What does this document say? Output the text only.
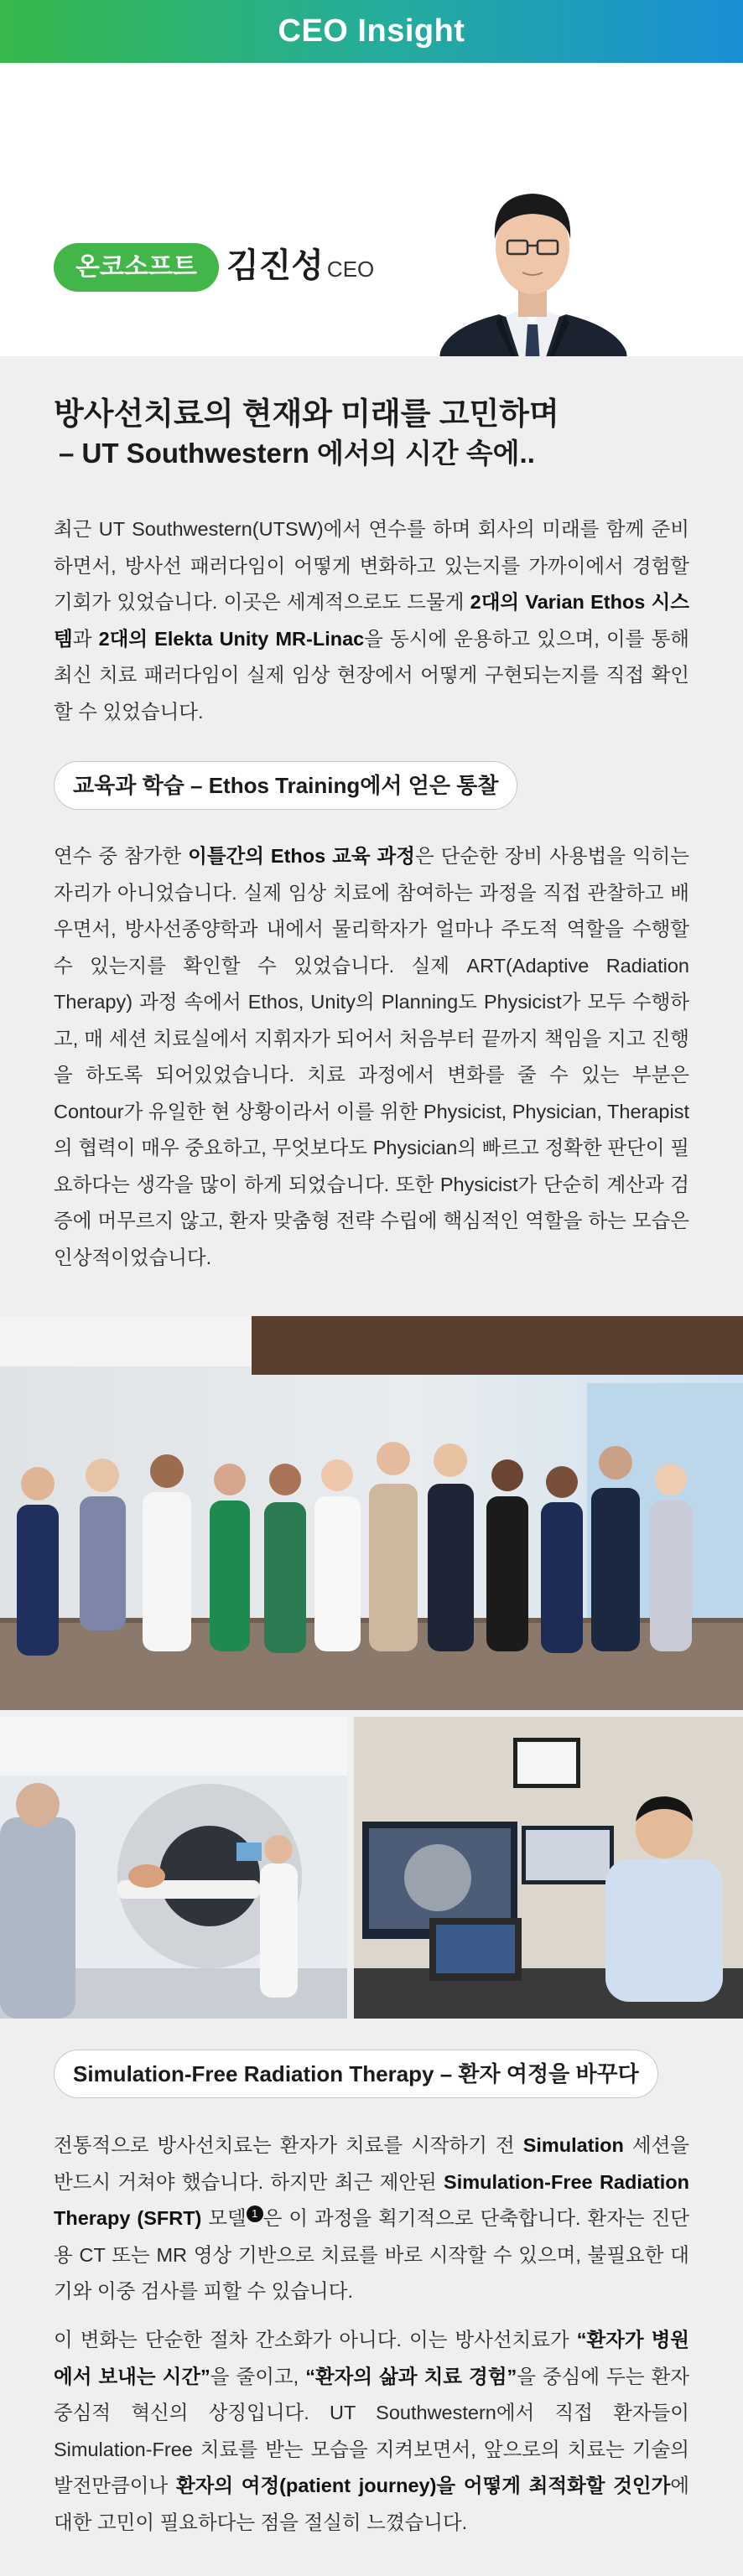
CEO Insight
온코소프트 김진성 CEO
방사선치료의 현재와 미래를 고민하며
– UT Southwestern 에서의 시간 속에..
최근 UT Southwestern(UTSW)에서 연수를 하며 회사의 미래를 함께 준비하면서, 방사선 패러다임이 어떻게 변화하고 있는지를 가까이에서 경험할 기회가 있었습니다. 이곳은 세계적으로도 드물게 2대의 Varian Ethos 시스템과 2대의 Elekta Unity MR-Linac을 동시에 운용하고 있으며, 이를 통해 최신 치료 패러다임이 실제 임상 현장에서 어떻게 구현되는지를 직접 확인할 수 있었습니다.
교육과 학습 – Ethos Training에서 얻은 통찰
연수 중 참가한 이틀간의 Ethos 교육 과정은 단순한 장비 사용법을 익히는 자리가 아니었습니다. 실제 임상 치료에 참여하는 과정을 직접 관찰하고 배우면서, 방사선종양학과 내에서 물리학자가 얼마나 주도적 역할을 수행할 수 있는지를 확인할 수 있었습니다. 실제 ART(Adaptive Radiation Therapy) 과정 속에서 Ethos, Unity의 Planning도 Physicist가 모두 수행하고, 매 세션 치료실에서 지휘자가 되어서 처음부터 끝까지 책임을 지고 진행을 하도록 되어있었습니다. 치료 과정에서 변화를 줄 수 있는 부분은 Contour가 유일한 현 상황이라서 이를 위한 Physicist, Physician, Therapist의 협력이 매우 중요하고, 무엇보다도 Physician의 빠르고 정확한 판단이 필요하다는 생각을 많이 하게 되었습니다. 또한 Physicist가 단순히 계산과 검증에 머무르지 않고, 환자 맞춤형 전략 수립에 핵심적인 역할을 하는 모습은 인상적이었습니다.
Simulation-Free Radiation Therapy – 환자 여정을 바꾸다
전통적으로 방사선치료는 환자가 치료를 시작하기 전 Simulation 세션을 반드시 거쳐야 했습니다. 하지만 최근 제안된 Simulation-Free Radiation Therapy (SFRT) 모델 $^1$ 은 이 과정을 획기적으로 단축합니다. 환자는 진단용 CT 또는 MR 영상 기반으로 치료를 바로 시작할 수 있으며, 불필요한 대기와 이중 검사를 피할 수 있습니다.
이 변화는 단순한 절차 간소화가 아니다. 이는 방사선치료가 “환자가 병원에서 보내는 시간”을 줄이고, “환자의 삶과 치료 경험”을 중심에 두는 환자 중심적 혁신의 상징입니다. UT Southwestern에서 직접 환자들이 Simulation-Free 치료를 받는 모습을 지켜보면서, 앞으로의 치료는 기술의 발전만큼이나 환자의 여정(patient journey)을 어떻게 최적화할 것인가에 대한 고민이 필요하다는 점을 절실히 느꼈습니다.
